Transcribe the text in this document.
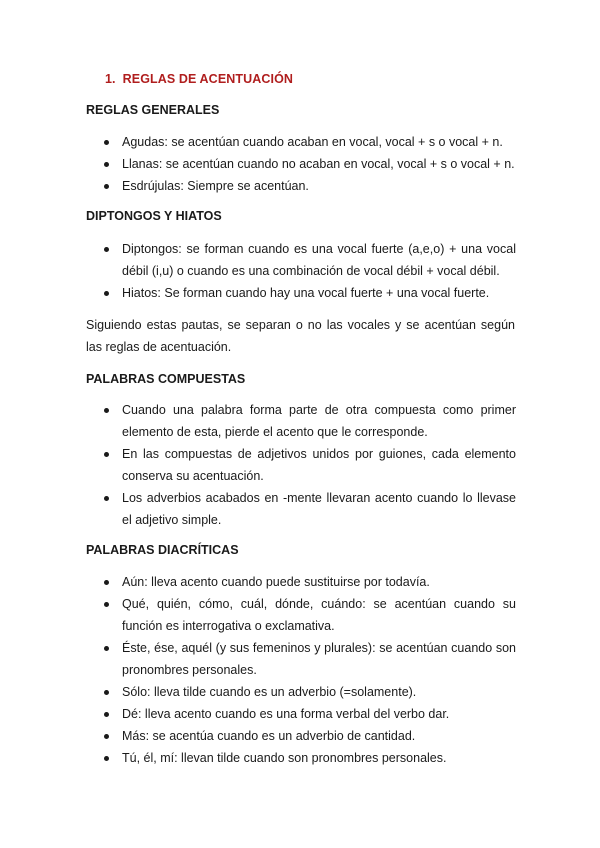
1. REGLAS DE ACENTUACIÓN
REGLAS GENERALES
Agudas: se acentúan cuando acaban en vocal, vocal + s o vocal + n.
Llanas: se acentúan cuando no acaban en vocal, vocal + s o vocal + n.
Esdrújulas: Siempre se acentúan.
DIPTONGOS Y HIATOS
Diptongos: se forman cuando es una vocal fuerte (a,e,o) + una vocal débil (i,u) o cuando es una combinación de vocal débil + vocal débil.
Hiatos: Se forman cuando hay una vocal fuerte + una vocal fuerte.

Siguiendo estas pautas, se separan o no las vocales y se acentúan según las reglas de acentuación.

PALABRAS COMPUESTAS
Cuando una palabra forma parte de otra compuesta como primer elemento de esta, pierde el acento que le corresponde.
En las compuestas de adjetivos unidos por guiones, cada elemento conserva su acentuación.
Los adverbios acabados en -mente llevaran acento cuando lo llevase el adjetivo simple.
PALABRAS DIACRÍTICAS
Aún: lleva acento cuando puede sustituirse por todavía.
Qué, quién, cómo, cuál, dónde, cuándo: se acentúan cuando su función es interrogativa o exclamativa.
Éste, ése, aquél (y sus femeninos y plurales): se acentúan cuando son pronombres personales.
Sólo: lleva tilde cuando es un adverbio (=solamente).
Dé: lleva acento cuando es una forma verbal del verbo dar.
Más: se acentúa cuando es un adverbio de cantidad.
Tú, él, mí: llevan tilde cuando son pronombres personales.
